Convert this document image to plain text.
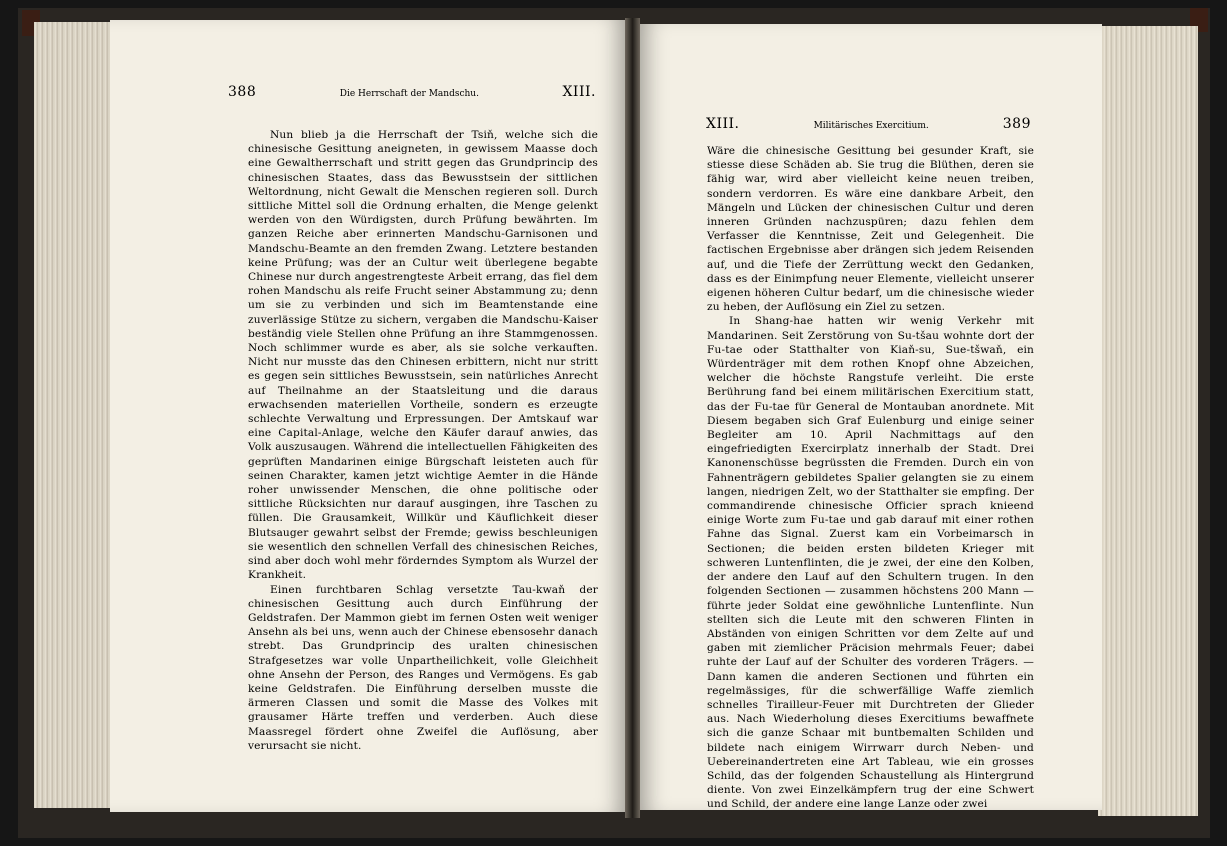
388	Die Herrschaft der Mandschu.	XIII.

Nun blieb ja die Herrschaft der Tsiň, welche sich die chinesische Gesittung aneigneten, in gewissem Maasse doch eine Gewaltherrschaft und stritt gegen das Grundprincip des chinesischen Staates, dass das Bewusstsein der sittlichen Weltordnung, nicht Gewalt die Menschen regieren soll. Durch sittliche Mittel soll die Ordnung erhalten, die Menge gelenkt werden von den Würdigsten, durch Prüfung bewährten. Im ganzen Reiche aber erinnerten Mandschu-Garnisonen und Mandschu-Beamte an den fremden Zwang. Letztere bestanden keine Prüfung; was der an Cultur weit überlegene begabte Chinese nur durch angestrengteste Arbeit errang, das fiel dem rohen Mandschu als reife Frucht seiner Abstammung zu; denn um sie zu verbinden und sich im Beamtenstande eine zuverlässige Stütze zu sichern, vergaben die Mandschu-Kaiser beständig viele Stellen ohne Prüfung an ihre Stammgenossen. Noch schlimmer wurde es aber, als sie solche verkauften. Nicht nur musste das den Chinesen erbittern, nicht nur stritt es gegen sein sittliches Bewusstsein, sein natürliches Anrecht auf Theilnahme an der Staatsleitung und die daraus erwachsenden materiellen Vortheile, sondern es erzeugte schlechte Verwaltung und Erpressungen. Der Amtskauf war eine Capital-Anlage, welche den Käufer darauf anwies, das Volk auszusaugen. Während die intellectuellen Fähigkeiten des geprüften Mandarinen einige Bürgschaft leisteten auch für seinen Charakter, kamen jetzt wichtige Aemter in die Hände roher unwissender Menschen, die ohne politische oder sittliche Rücksichten nur darauf ausgingen, ihre Taschen zu füllen. Die Grausamkeit, Willkür und Käuflichkeit dieser Blutsauger gewahrt selbst der Fremde; gewiss beschleunigen sie wesentlich den schnellen Verfall des chinesischen Reiches, sind aber doch wohl mehr förderndes Symptom als Wurzel der Krankheit.

Einen furchtbaren Schlag versetzte Tau-kwaň der chinesischen Gesittung auch durch Einführung der Geldstrafen. Der Mammon giebt im fernen Osten weit weniger Ansehn als bei uns, wenn auch der Chinese ebensosehr danach strebt. Das Grundprincip des uralten chinesischen Strafgesetzes war volle Unpartheilichkeit, volle Gleichheit ohne Ansehn der Person, des Ranges und Vermögens. Es gab keine Geldstrafen. Die Einführung derselben musste die ärmeren Classen und somit die Masse des Volkes mit grausamer Härte treffen und verderben. Auch diese Maassregel fördert ohne Zweifel die Auflösung, aber verursacht sie nicht.

XIII.	Militärisches Exercitium.	389

Wäre die chinesische Gesittung bei gesunder Kraft, sie stiesse diese Schäden ab. Sie trug die Blüthen, deren sie fähig war, wird aber vielleicht keine neuen treiben, sondern verdorren. Es wäre eine dankbare Arbeit, den Mängeln und Lücken der chinesischen Cultur und deren inneren Gründen nachzuspüren; dazu fehlen dem Verfasser die Kenntnisse, Zeit und Gelegenheit. Die factischen Ergebnisse aber drängen sich jedem Reisenden auf, und die Tiefe der Zerrüttung weckt den Gedanken, dass es der Einimpfung neuer Elemente, vielleicht unserer eigenen höheren Cultur bedarf, um die chinesische wieder zu heben, der Auflösung ein Ziel zu setzen.

In Shang-hae hatten wir wenig Verkehr mit Mandarinen. Seit Zerstörung von Su-tšau wohnte dort der Fu-tae oder Statthalter von Kiaň-su, Sue-tšwaň, ein Würdenträger mit dem rothen Knopf ohne Abzeichen, welcher die höchste Rangstufe verleiht. Die erste Berührung fand bei einem militärischen Exercitium statt, das der Fu-tae für General de Montauban anordnete. Mit Diesem begaben sich Graf Eulenburg und einige seiner Begleiter am 10. April Nachmittags auf den eingefriedigten Exercirplatz innerhalb der Stadt. Drei Kanonenschüsse begrüssten die Fremden. Durch ein von Fahnenträgern gebildetes Spalier gelangten sie zu einem langen, niedrigen Zelt, wo der Statthalter sie empfing. Der commandirende chinesische Officier sprach knieend einige Worte zum Fu-tae und gab darauf mit einer rothen Fahne das Signal. Zuerst kam ein Vorbeimarsch in Sectionen; die beiden ersten bildeten Krieger mit schweren Luntenflinten, die je zwei, der eine den Kolben, der andere den Lauf auf den Schultern trugen. In den folgenden Sectionen — zusammen höchstens 200 Mann — führte jeder Soldat eine gewöhnliche Luntenflinte. Nun stellten sich die Leute mit den schweren Flinten in Abständen von einigen Schritten vor dem Zelte auf und gaben mit ziemlicher Präcision mehrmals Feuer; dabei ruhte der Lauf auf der Schulter des vorderen Trägers. — Dann kamen die anderen Sectionen und führten ein regelmässiges, für die schwerfällige Waffe ziemlich schnelles Tirailleur-Feuer mit Durchtreten der Glieder aus. Nach Wiederholung dieses Exercitiums bewaffnete sich die ganze Schaar mit buntbemalten Schilden und bildete nach einigem Wirrwarr durch Neben- und Uebereinandertreten eine Art Tableau, wie ein grosses Schild, das der folgenden Schaustellung als Hintergrund diente. Von zwei Einzelkämpfern trug der eine Schwert und Schild, der andere eine lange Lanze oder zwei
